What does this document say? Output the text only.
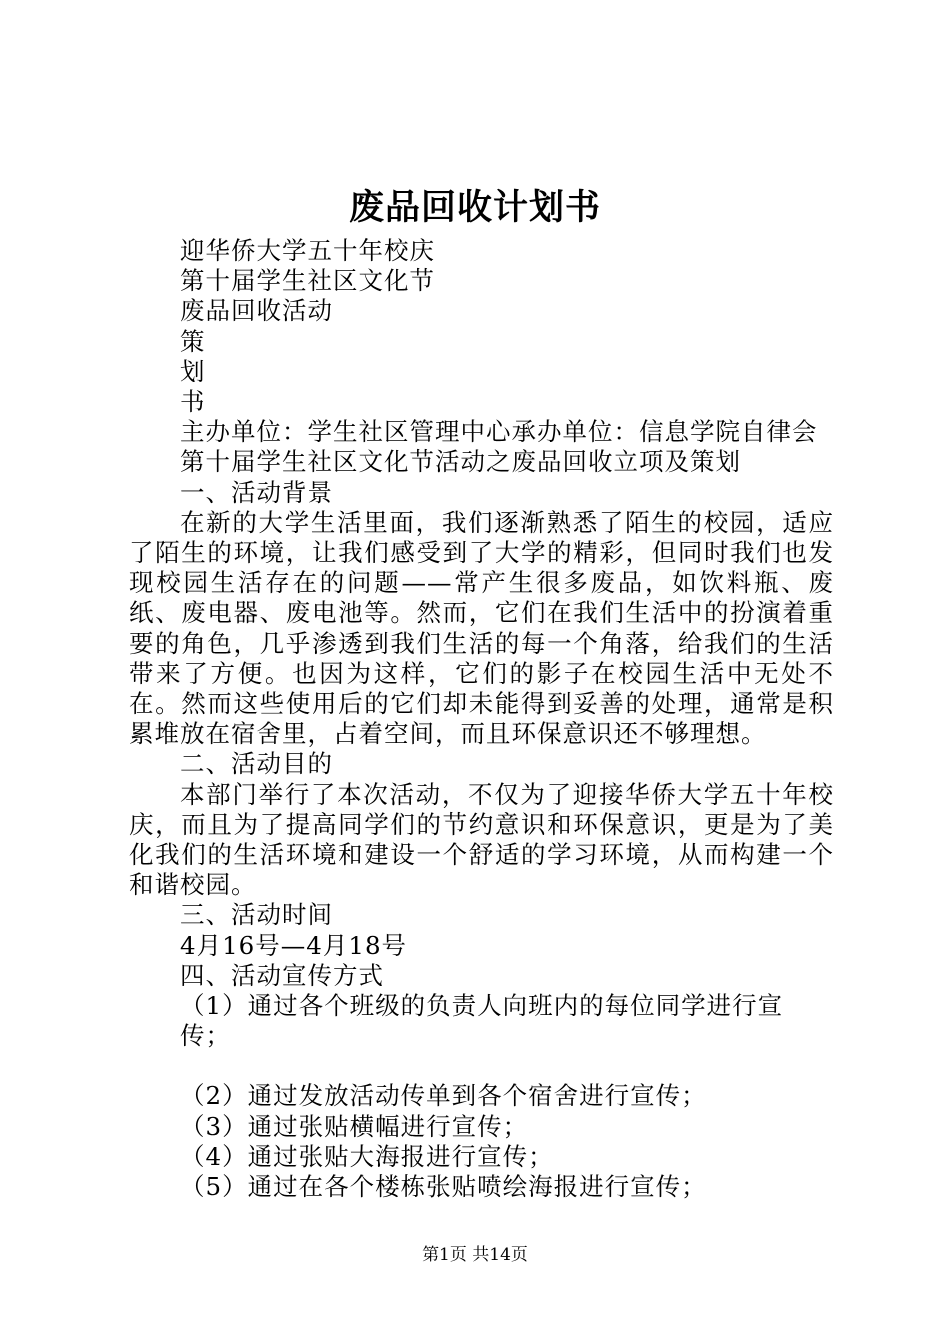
废品回收计划书

迎华侨大学五十年校庆

第十届学生社区文化节

废品回收活动

策

划

书

主办单位：学生社区管理中心承办单位：信息学院自律会

第十届学生社区文化节活动之废品回收立项及策划

一、活动背景

在新的大学生活里面，我们逐渐熟悉了陌生的校园，适应了陌生的环境，让我们感受到了大学的精彩，但同时我们也发现校园生活存在的问题——常产生很多废品，如饮料瓶、废纸、废电器、废电池等。然而，它们在我们生活中的扮演着重要的角色，几乎渗透到我们生活的每一个角落，给我们的生活带来了方便。也因为这样，它们的影子在校园生活中无处不在。然而这些使用后的它们却未能得到妥善的处理，通常是积累堆放在宿舍里，占着空间，而且环保意识还不够理想。

二、活动目的

本部门举行了本次活动，不仅为了迎接华侨大学五十年校庆，而且为了提高同学们的节约意识和环保意识，更是为了美化我们的生活环境和建设一个舒适的学习环境，从而构建一个和谐校园。

三、活动时间

4月16号—4月18号

四、活动宣传方式

（1）通过各个班级的负责人向班内的每位同学进行宣传；

（2）通过发放活动传单到各个宿舍进行宣传；

（3）通过张贴横幅进行宣传；

（4）通过张贴大海报进行宣传；

（5）通过在各个楼栋张贴喷绘海报进行宣传；

第1页 共14页
